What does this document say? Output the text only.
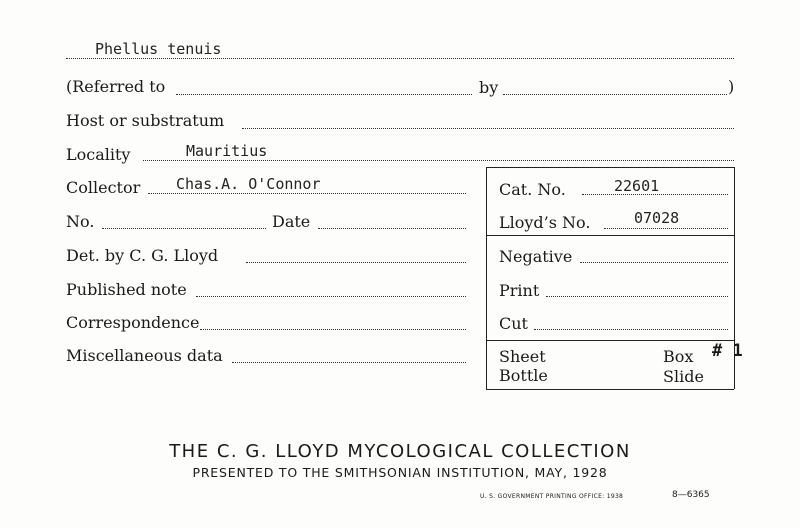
Phellus tenuis
(Referred to	by	)
Host or substratum
Locality	Mauritius
Collector Chas.A. O'Connor
No.	Date
Det. by C. G. Lloyd
Published note
Correspondence
Miscellaneous data
Cat. No.	22601
Lloyd’s No.	07028
Negative
Print
Cut
Sheet
Bottle
Box # 1
Slide
THE C. G. LLOYD MYCOLOGICAL COLLECTION
PRESENTED TO THE SMITHSONIAN INSTITUTION, MAY, 1928
U. S. GOVERNMENT PRINTING OFFICE: 1938	8—6365
